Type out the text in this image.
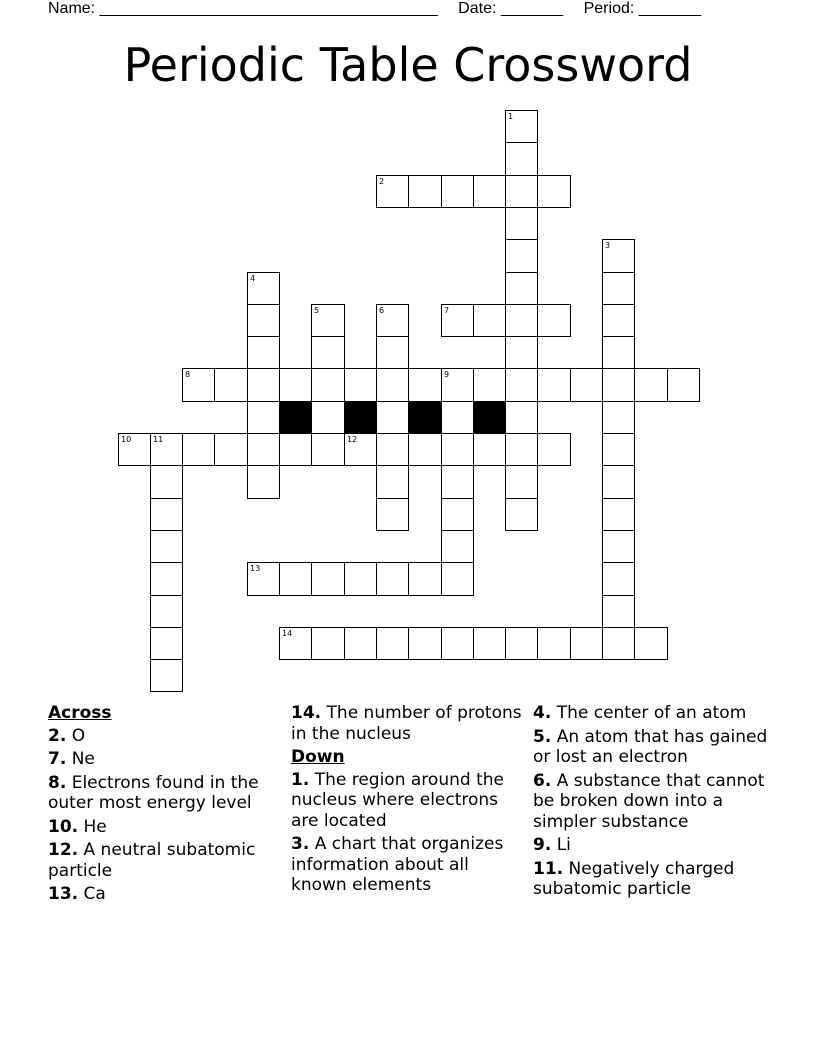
Name: ______________________________________ Date: _______ Period: _______
Periodic Table Crossword
2
7
8	9
10	11	12
13
14
1
3
4
5	6
Across
2. O
7. Ne
8. Electrons found in the outer most energy level
10. He
12. A neutral subatomic particle
13. Ca
14. The number of protons in the nucleus
Down
1. The region around the nucleus where electrons are located
3. A chart that organizes information about all known elements
4. The center of an atom
5. An atom that has gained or lost an electron
6. A substance that cannot be broken down into a simpler substance
9. Li
11. Negatively charged subatomic particle
